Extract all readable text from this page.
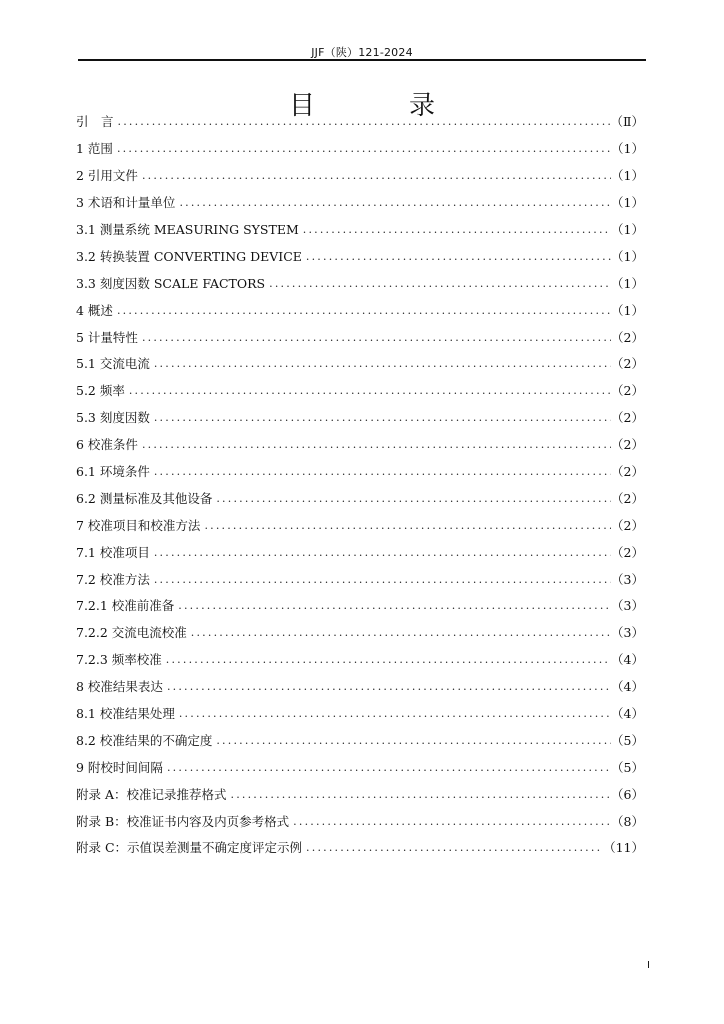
JJF（陕）121-2024
目　录
引　言 .....	（Ⅱ）
1 范围 .....	（1）
2 引用文件 .....	（1）
3 术语和计量单位 .....	（1）
3.1 测量系统 MEASURING SYSTEM .....	（1）
3.2 转换装置 CONVERTING DEVICE .....	（1）
3.3 刻度因数 SCALE FACTORS .....	（1）
4 概述 .....	（1）
5 计量特性 .....	（2）
5.1 交流电流 .....	（2）
5.2 频率 .....	（2）
5.3 刻度因数 .....	（2）
6 校准条件 .....	（2）
6.1 环境条件 .....	（2）
6.2 测量标准及其他设备 .....	（2）
7 校准项目和校准方法 .....	（2）
7.1 校准项目 .....	（2）
7.2 校准方法 .....	（3）
7.2.1 校准前准备 .....	（3）
7.2.2 交流电流校准 .....	（3）
7.2.3 频率校准 .....	（4）
8 校准结果表达 .....	（4）
8.1 校准结果处理 .....	（4）
8.2 校准结果的不确定度 .....	（5）
9 附校时间间隔 .....	（5）
附录 A：校准记录推荐格式 .....	（6）
附录 B：校准证书内容及内页参考格式 .....	（8）
附录 C：示值误差测量不确定度评定示例 .....	（11）
I
